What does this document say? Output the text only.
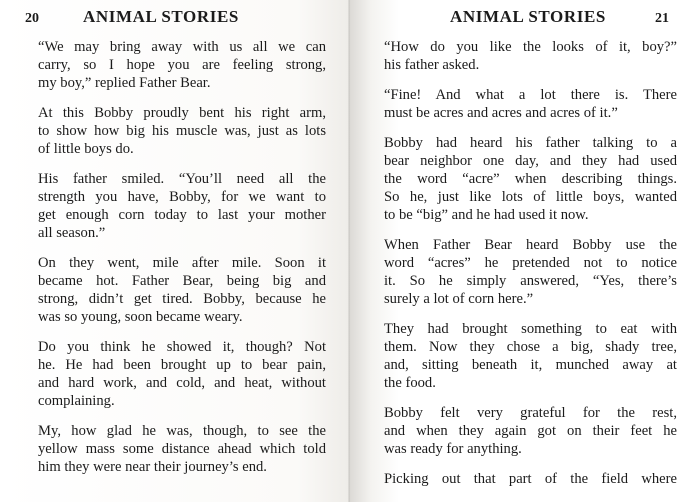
20	ANIMAL STORIES
“We may bring away with us all we can
carry, so I hope you are feeling strong,
my boy,” replied Father Bear.
At this Bobby proudly bent his right arm,
to show how big his muscle was, just as lots
of little boys do.
His father smiled. “You’ll need all the
strength you have, Bobby, for we want to
get enough corn today to last your mother
all season.”
On they went, mile after mile. Soon it
became hot. Father Bear, being big and
strong, didn’t get tired. Bobby, because he
was so young, soon became weary.
Do you think he showed it, though? Not
he. He had been brought up to bear pain,
and hard work, and cold, and heat, without
complaining.
My, how glad he was, though, to see the
yellow mass some distance ahead which told
him they were near their journey’s end.
ANIMAL STORIES	21
“How do you like the looks of it, boy?”
his father asked.
“Fine! And what a lot there is. There
must be acres and acres and acres of it.”
Bobby had heard his father talking to a
bear neighbor one day, and they had used
the word “acre” when describing things.
So he, just like lots of little boys, wanted
to be “big” and he had used it now.
When Father Bear heard Bobby use the
word “acres” he pretended not to notice
it. So he simply answered, “Yes, there’s
surely a lot of corn here.”
They had brought something to eat with
them. Now they chose a big, shady tree,
and, sitting beneath it, munched away at
the food.
Bobby felt very grateful for the rest,
and when they again got on their feet he
was ready for anything.
Picking out that part of the field where
